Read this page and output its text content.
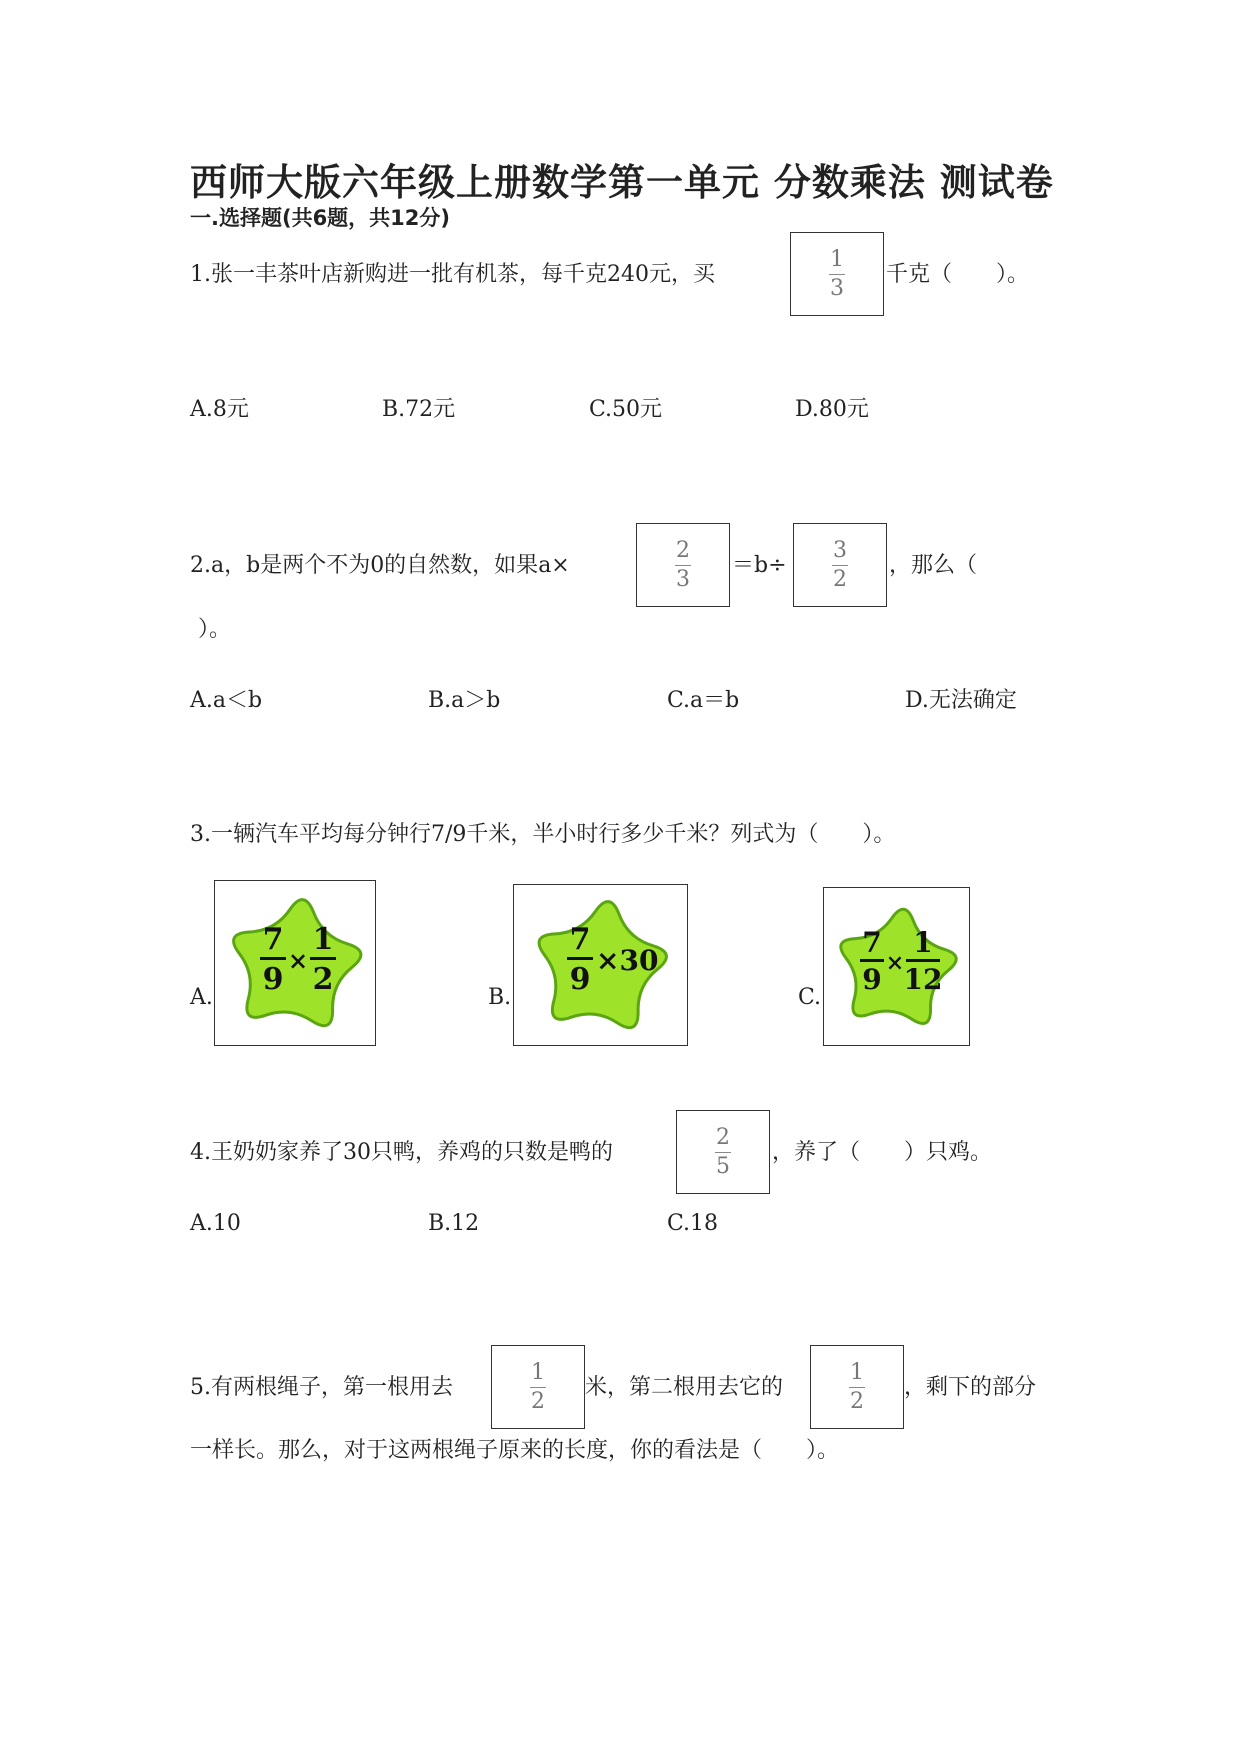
西师大版六年级上册数学第一单元 分数乘法 测试卷
一.选择题(共6题，共12分)
1.张一丰茶叶店新购进一批有机茶，每千克240元，买	$\frac{1}{3}$ 千克（　　）。
A.8元	B.72元	C.50元	D.80元
2.a，b是两个不为0的自然数，如果a×	$\frac{2}{3} =b\div \frac{3}{2}$ ，那么（
）。
A.a＜b	B.a＞b	C.a＝b	D.无法确定
3.一辆汽车平均每分钟行7/9千米，半小时行多少千米？列式为（　　）。
A.
7
9
×
1
2
B.
7
9
×30
C.
7
9 ×
1
12
4.王奶奶家养了30只鸭，养鸡的只数是鸭的	$\frac{2}{5}$ ，养了（　　）只鸡。
A.10	B.12	C.18
5.有两根绳子，第一根用去	$\frac{1}{2}$ 米，第二根用去它的	$\frac{1}{2}$ ，剩下的部分
一样长。那么，对于这两根绳子原来的长度，你的看法是（　　）。
